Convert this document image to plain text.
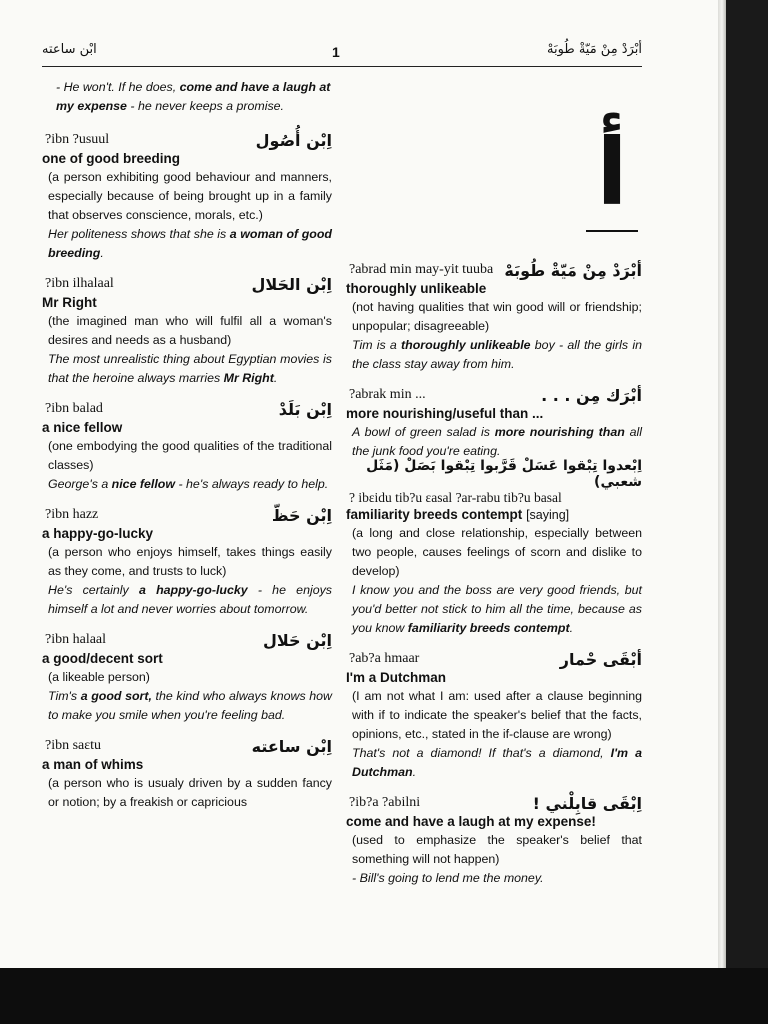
ابْن ساعته	1	أبْرَدْ مِنْ مَيّةْ طُوبَهْ
أ
- He won't. If he does, come and have a laugh at my expense - he never keeps a promise.
?ibn ?usuul	اِبْن أُصُول
one of good breeding
(a person exhibiting good behaviour and manners, especially because of being brought up in a family that observes conscience, morals, etc.)
Her politeness shows that she is a woman of good breeding.
?ibn ilhalaal	اِبْن الحَلال
Mr Right
(the imagined man who will fulfil all a woman's desires and needs as a husband)
The most unrealistic thing about Egyptian movies is that the heroine always marries Mr Right.
?ibn balad	اِبْن بَلَدْ
a nice fellow
(one embodying the good qualities of the traditional classes)
George's a nice fellow - he's always ready to help.
?ibn hazz	اِبْن حَظّ
a happy-go-lucky
(a person who enjoys himself, takes things easily as they come, and trusts to luck)
He's certainly a happy-go-lucky - he enjoys himself a lot and never worries about tomorrow.
?ibn halaal	اِبْن حَلال
a good/decent sort
(a likeable person)
Tim's a good sort, the kind who always knows how to make you smile when you're feeling bad.
?ibn saεtu	اِبْن ساعته
a man of whims
(a person who is usualy driven by a sudden fancy or notion; by a freakish or capricious
?abrad min may-yit tuuba أبْرَدْ مِنْ مَيّةْ طُوبَهْ
thoroughly unlikeable
(not having qualities that win good will or friendship; unpopular; disagreeable)
Tim is a thoroughly unlikeable boy - all the girls in the class stay away from him.
?abrak min ...	أبْرَك مِن . . .
more nourishing/useful than ...
A bowl of green salad is more nourishing than all the junk food you're eating.
اِبْعدوا تِبْقوا عَسَلْ قَرَّبوا تِبْقوا بَصَلْ (مَثَل شعبي)
? ibεidu tib?u εasal ?ar-rabu tib?u basal
familiarity breeds contempt [saying]
(a long and close relationship, especially between two people, causes feelings of scorn and dislike to develop)
I know you and the boss are very good friends, but you'd better not stick to him all the time, because as you know familiarity breeds contempt.
?ab?a hmaar	أبْقَى حْمار
I'm a Dutchman
(I am not what I am: used after a clause beginning with if to indicate the speaker's belief that the facts, opinions, etc., stated in the if-clause are wrong)
That's not a diamond! If that's a diamond, I'm a Dutchman.
?ib?a ?abilni	اِبْقَى قابِلْني !
come and have a laugh at my expense!
(used to emphasize the speaker's belief that something will not happen)
- Bill's going to lend me the money.
